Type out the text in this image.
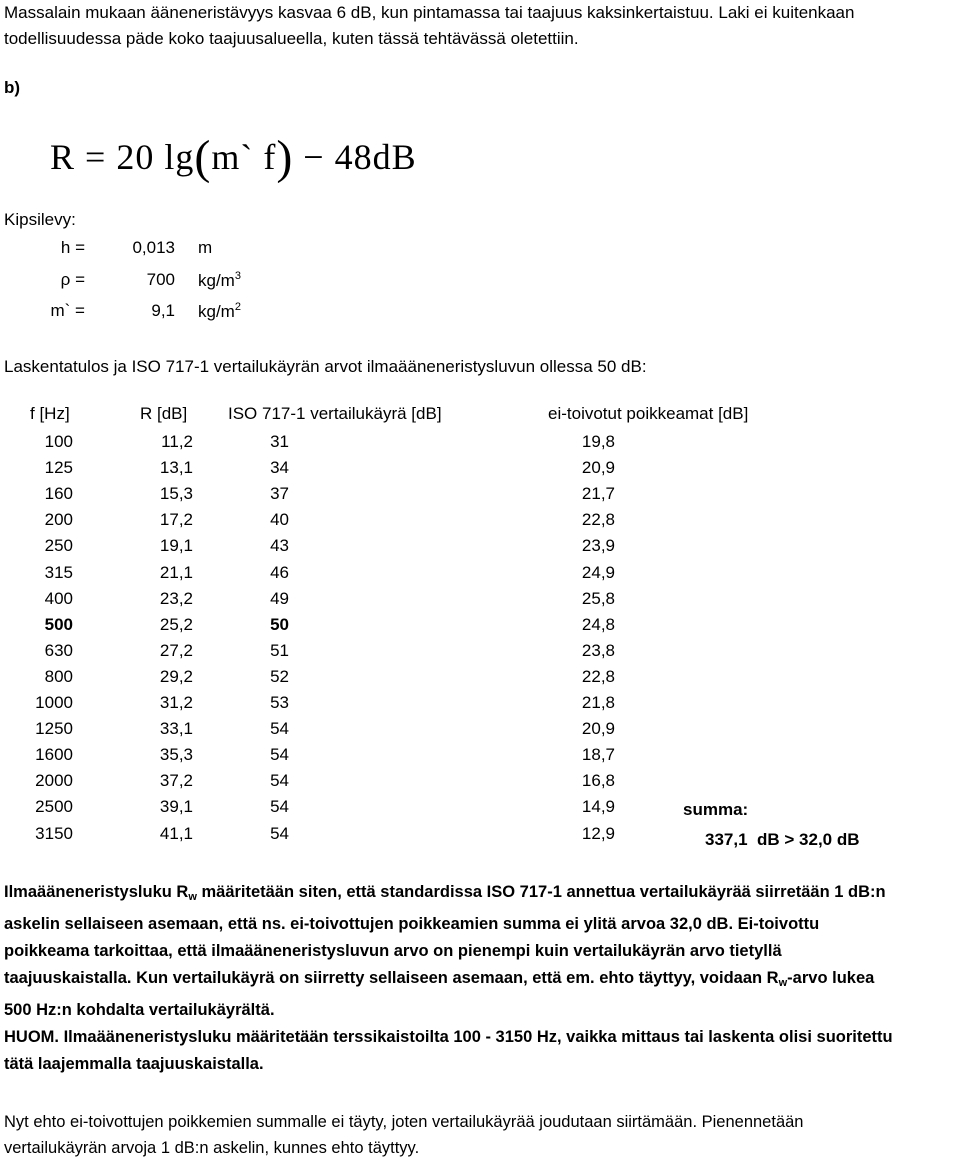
Massalain mukaan ääneneristävyys kasvaa 6 dB, kun pintamassa tai taajuus kaksinkertaistuu. Laki ei kuitenkaan
todellisuudessa päde koko taajuusalueella, kuten tässä tehtävässä oletettiin.
b)
R = 20 lg(m` f) − 48dB
Kipsilevy:
h =	0,013 m
ρ =	700 $kg/m^3$
m` =	9,1 $kg/m^2$
Laskentatulos ja ISO 717-1 vertailukäyrän arvot ilmaääneneristysluvun ollessa 50 dB:
f [Hz]	R [dB] ISO 717-1 vertailukäyrä [dB]	ei-toivotut poikkeamat [dB]
100	11,2	31	19,8
125	13,1	34	20,9
160	15,3	37	21,7
200	17,2	40	22,8
250	19,1	43	23,9
315	21,1	46	24,9
400	23,2	49	25,8
500	25,2	50	24,8
630	27,2	51	23,8
800	29,2	52	22,8
1000	31,2	53	21,8
1250	33,1	54	20,9
1600	35,3	54	18,7
2000	37,2	54	16,8
2500	39,1	54	14,9
3150	41,1	54	12,9
summa:
337,1 dB > 32,0 dB
Ilmaääneneristysluku $R_w$ määritetään siten, että standardissa ISO 717-1 annettua vertailukäyrää siirretään 1 dB:n
askelin sellaiseen asemaan, että ns. ei-toivottujen poikkeamien summa ei ylitä arvoa 32,0 dB. Ei-toivottu
poikkeama tarkoittaa, että ilmaääneneristysluvun arvo on pienempi kuin vertailukäyrän arvo tietyllä
taajuuskaistalla. Kun vertailukäyrä on siirretty sellaiseen asemaan, että em. ehto täyttyy, voidaan $R_w$-arvo lukea
500 Hz:n kohdalta vertailukäyrältä.
HUOM. Ilmaääneneristysluku määritetään terssikaistoilta 100 - 3150 Hz, vaikka mittaus tai laskenta olisi suoritettu
tätä laajemmalla taajuuskaistalla.
Nyt ehto ei-toivottujen poikkemien summalle ei täyty, joten vertailukäyrää joudutaan siirtämään. Pienennetään
vertailukäyrän arvoja 1 dB:n askelin, kunnes ehto täyttyy.
